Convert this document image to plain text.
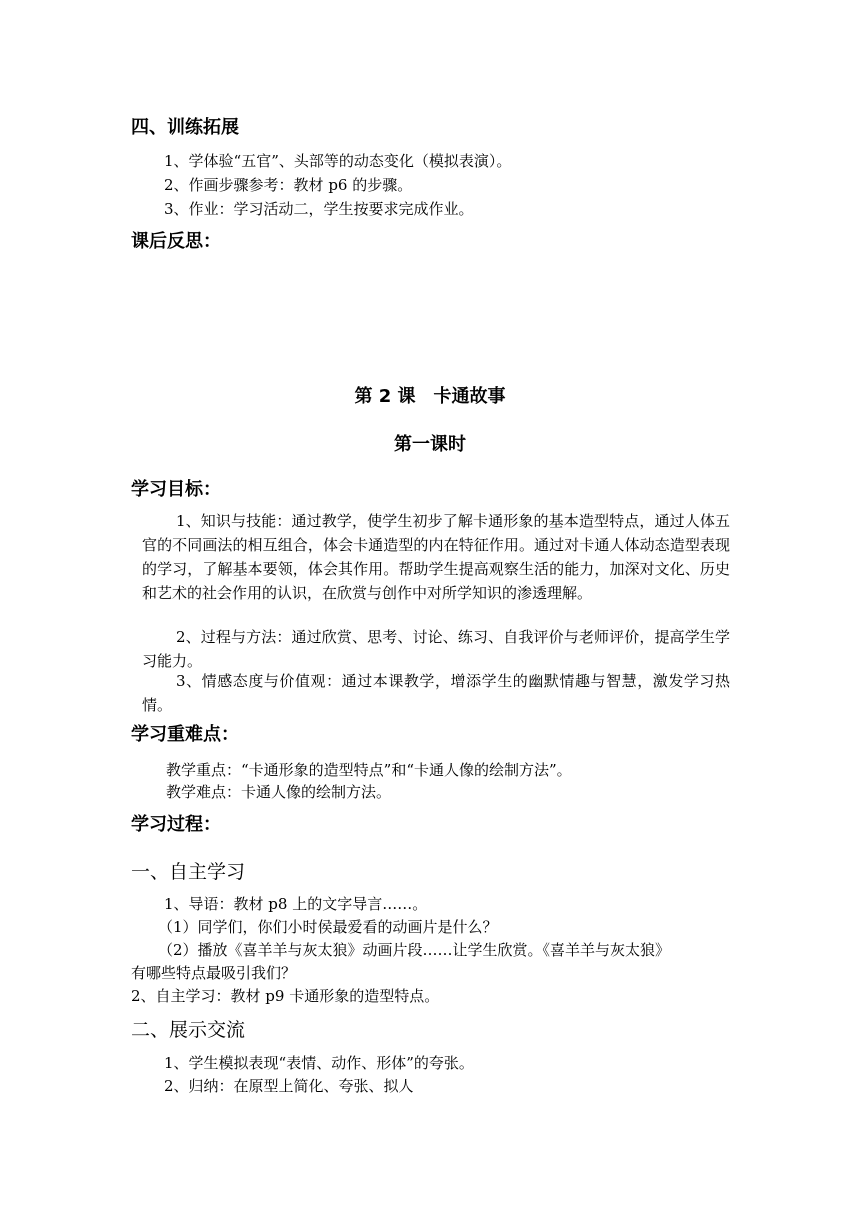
四、训练拓展
1、学体验“五官”、头部等的动态变化（模拟表演）。
2、作画步骤参考：教材 p6 的步骤。
3、作业：学习活动二，学生按要求完成作业。
课后反思：
第 2 课　卡通故事
第一课时
学习目标：
1、知识与技能：通过教学，使学生初步了解卡通形象的基本造型特点，通过人体五官的不同画法的相互组合，体会卡通造型的内在特征作用。通过对卡通人体动态造型表现的学习，了解基本要领，体会其作用。帮助学生提高观察生活的能力，加深对文化、历史和艺术的社会作用的认识，在欣赏与创作中对所学知识的渗透理解。
2、过程与方法：通过欣赏、思考、讨论、练习、自我评价与老师评价，提高学生学习能力。
3、情感态度与价值观：通过本课教学，增添学生的幽默情趣与智慧，激发学习热情。
学习重难点：
教学重点：“卡通形象的造型特点”和“卡通人像的绘制方法”。
教学难点：卡通人像的绘制方法。
学习过程：
一、自主学习
1、导语：教材 p8 上的文字导言……。
（1）同学们，你们小时侯最爱看的动画片是什么？
（2）播放《喜羊羊与灰太狼》动画片段……让学生欣赏。《喜羊羊与灰太狼》
有哪些特点最吸引我们？
2、自主学习：教材 p9 卡通形象的造型特点。
二、展示交流
1、学生模拟表现“表情、动作、形体”的夸张。
2、归纳：在原型上简化、夸张、拟人
